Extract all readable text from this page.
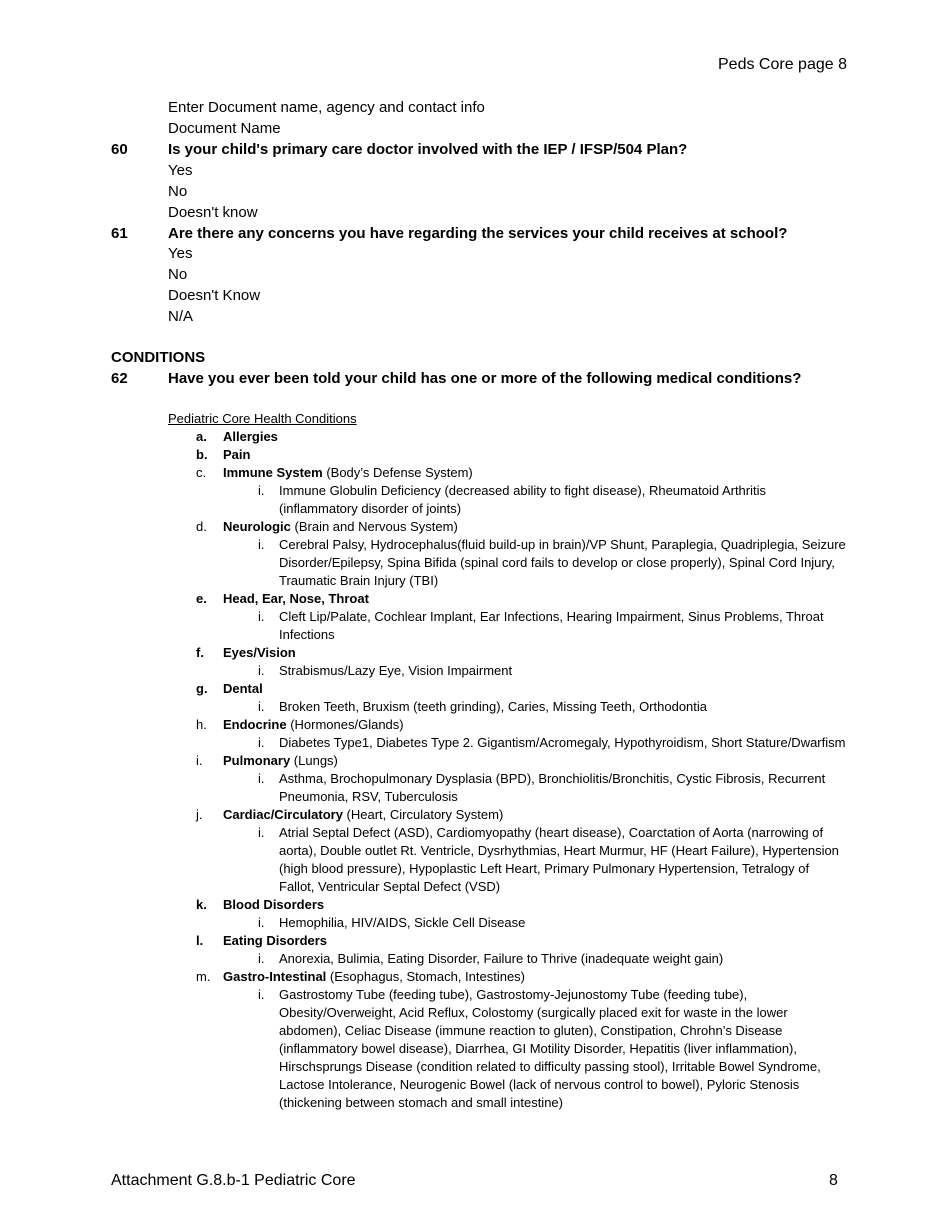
Peds Core page 8
Enter Document name, agency and contact info
Document Name
60	Is your child's primary care doctor involved with the IEP / IFSP/504 Plan?
Yes
No
Doesn't know
61	Are there any concerns you have regarding the services your child receives at school?
Yes
No
Doesn't Know
N/A
CONDITIONS
62	Have you ever been told your child has one or more of the following medical conditions?
Pediatric Core Health Conditions
a. Allergies
b. Pain
c. Immune System (Body’s Defense System)
i. Immune Globulin Deficiency (decreased ability to fight disease), Rheumatoid Arthritis (inflammatory disorder of joints)
d. Neurologic (Brain and Nervous System)
i. Cerebral Palsy, Hydrocephalus(fluid build-up in brain)/VP Shunt, Paraplegia, Quadriplegia, Seizure Disorder/Epilepsy, Spina Bifida (spinal cord fails to develop or close properly), Spinal Cord Injury, Traumatic Brain Injury (TBI)
e. Head, Ear, Nose, Throat
i. Cleft Lip/Palate, Cochlear Implant, Ear Infections, Hearing Impairment, Sinus Problems, Throat Infections
f. Eyes/Vision
i. Strabismus/Lazy Eye, Vision Impairment
g. Dental
i. Broken Teeth, Bruxism (teeth grinding), Caries, Missing Teeth, Orthodontia
h. Endocrine (Hormones/Glands)
i. Diabetes Type1, Diabetes Type 2. Gigantism/Acromegaly, Hypothyroidism, Short Stature/Dwarfism
i. Pulmonary (Lungs)
i. Asthma, Brochopulmonary Dysplasia (BPD), Bronchiolitis/Bronchitis, Cystic Fibrosis, Recurrent Pneumonia, RSV, Tuberculosis
j. Cardiac/Circulatory (Heart, Circulatory System)
i. Atrial Septal Defect (ASD), Cardiomyopathy (heart disease), Coarctation of Aorta (narrowing of aorta), Double outlet Rt. Ventricle, Dysrhythmias, Heart Murmur, HF (Heart Failure), Hypertension (high blood pressure), Hypoplastic Left Heart, Primary Pulmonary Hypertension, Tetralogy of Fallot, Ventricular Septal Defect (VSD)
k. Blood Disorders
i. Hemophilia, HIV/AIDS, Sickle Cell Disease
l. Eating Disorders
i. Anorexia, Bulimia, Eating Disorder, Failure to Thrive (inadequate weight gain)
m. Gastro-Intestinal (Esophagus, Stomach, Intestines)
i. Gastrostomy Tube (feeding tube), Gastrostomy-Jejunostomy Tube (feeding tube), Obesity/Overweight, Acid Reflux, Colostomy (surgically placed exit for waste in the lower abdomen), Celiac Disease (immune reaction to gluten), Constipation, Chrohn’s Disease (inflammatory bowel disease), Diarrhea, GI Motility Disorder, Hepatitis (liver inflammation), Hirschsprungs Disease (condition related to difficulty passing stool), Irritable Bowel Syndrome, Lactose Intolerance, Neurogenic Bowel (lack of nervous control to bowel), Pyloric Stenosis (thickening between stomach and small intestine)
Attachment G.8.b-1 Pediatric Core	8
